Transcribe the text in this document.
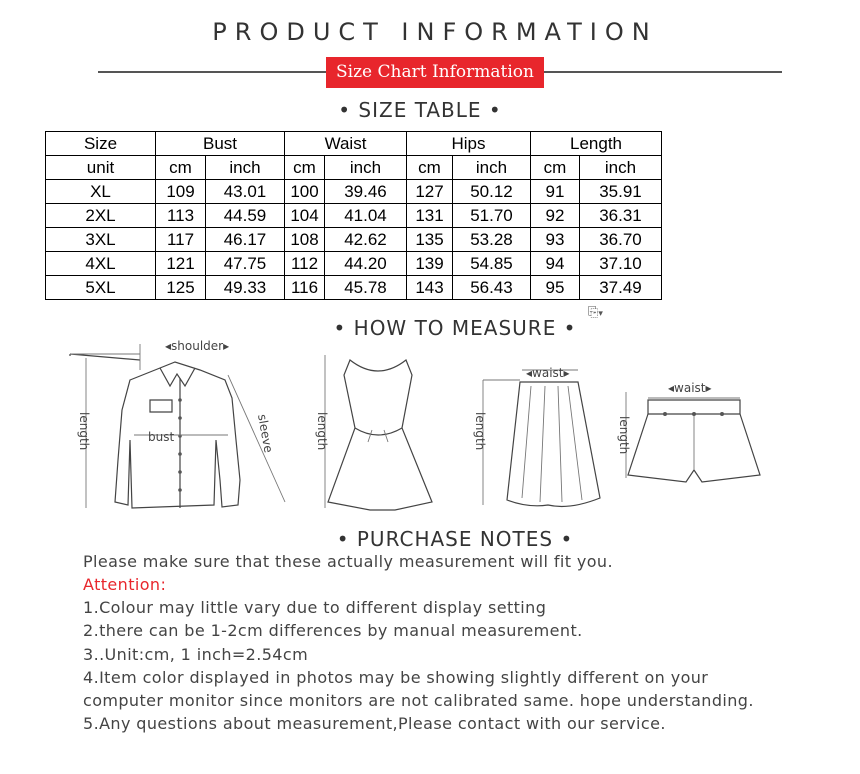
PRODUCT INFORMATION
Size Chart Information
• SIZE TABLE •
Size	Bust		Waist		Hips		Length	
unit	cm	inch	cm	inch	cm	inch	cm	inch
XL	109	43.01	100	39.46	127	50.12	91	35.91
2XL	113	44.59	104	41.04	131	51.70	92	36.31
3XL	117	46.17	108	42.62	135	53.28	93	36.70
4XL	121	47.75	112	44.20	139	54.85	94	37.10
5XL	125	49.33	116	45.78	143	56.43	95	37.49
• HOW TO MEASURE •
⎘▾
◂shoulder▸
bust	sleeve
length	length
◂waist▸
length
◂waist▸
length
• PURCHASE NOTES •
Please make sure that these actually measurement will fit you.
Attention:
1.Colour may little vary due to different display setting
2.there can be 1-2cm differences by manual measurement.
3..Unit:cm, 1 inch=2.54cm
4.Item color displayed in photos may be showing slightly different on your
computer monitor since monitors are not calibrated same. hope understanding.
5.Any questions about measurement,Please contact with our service.
